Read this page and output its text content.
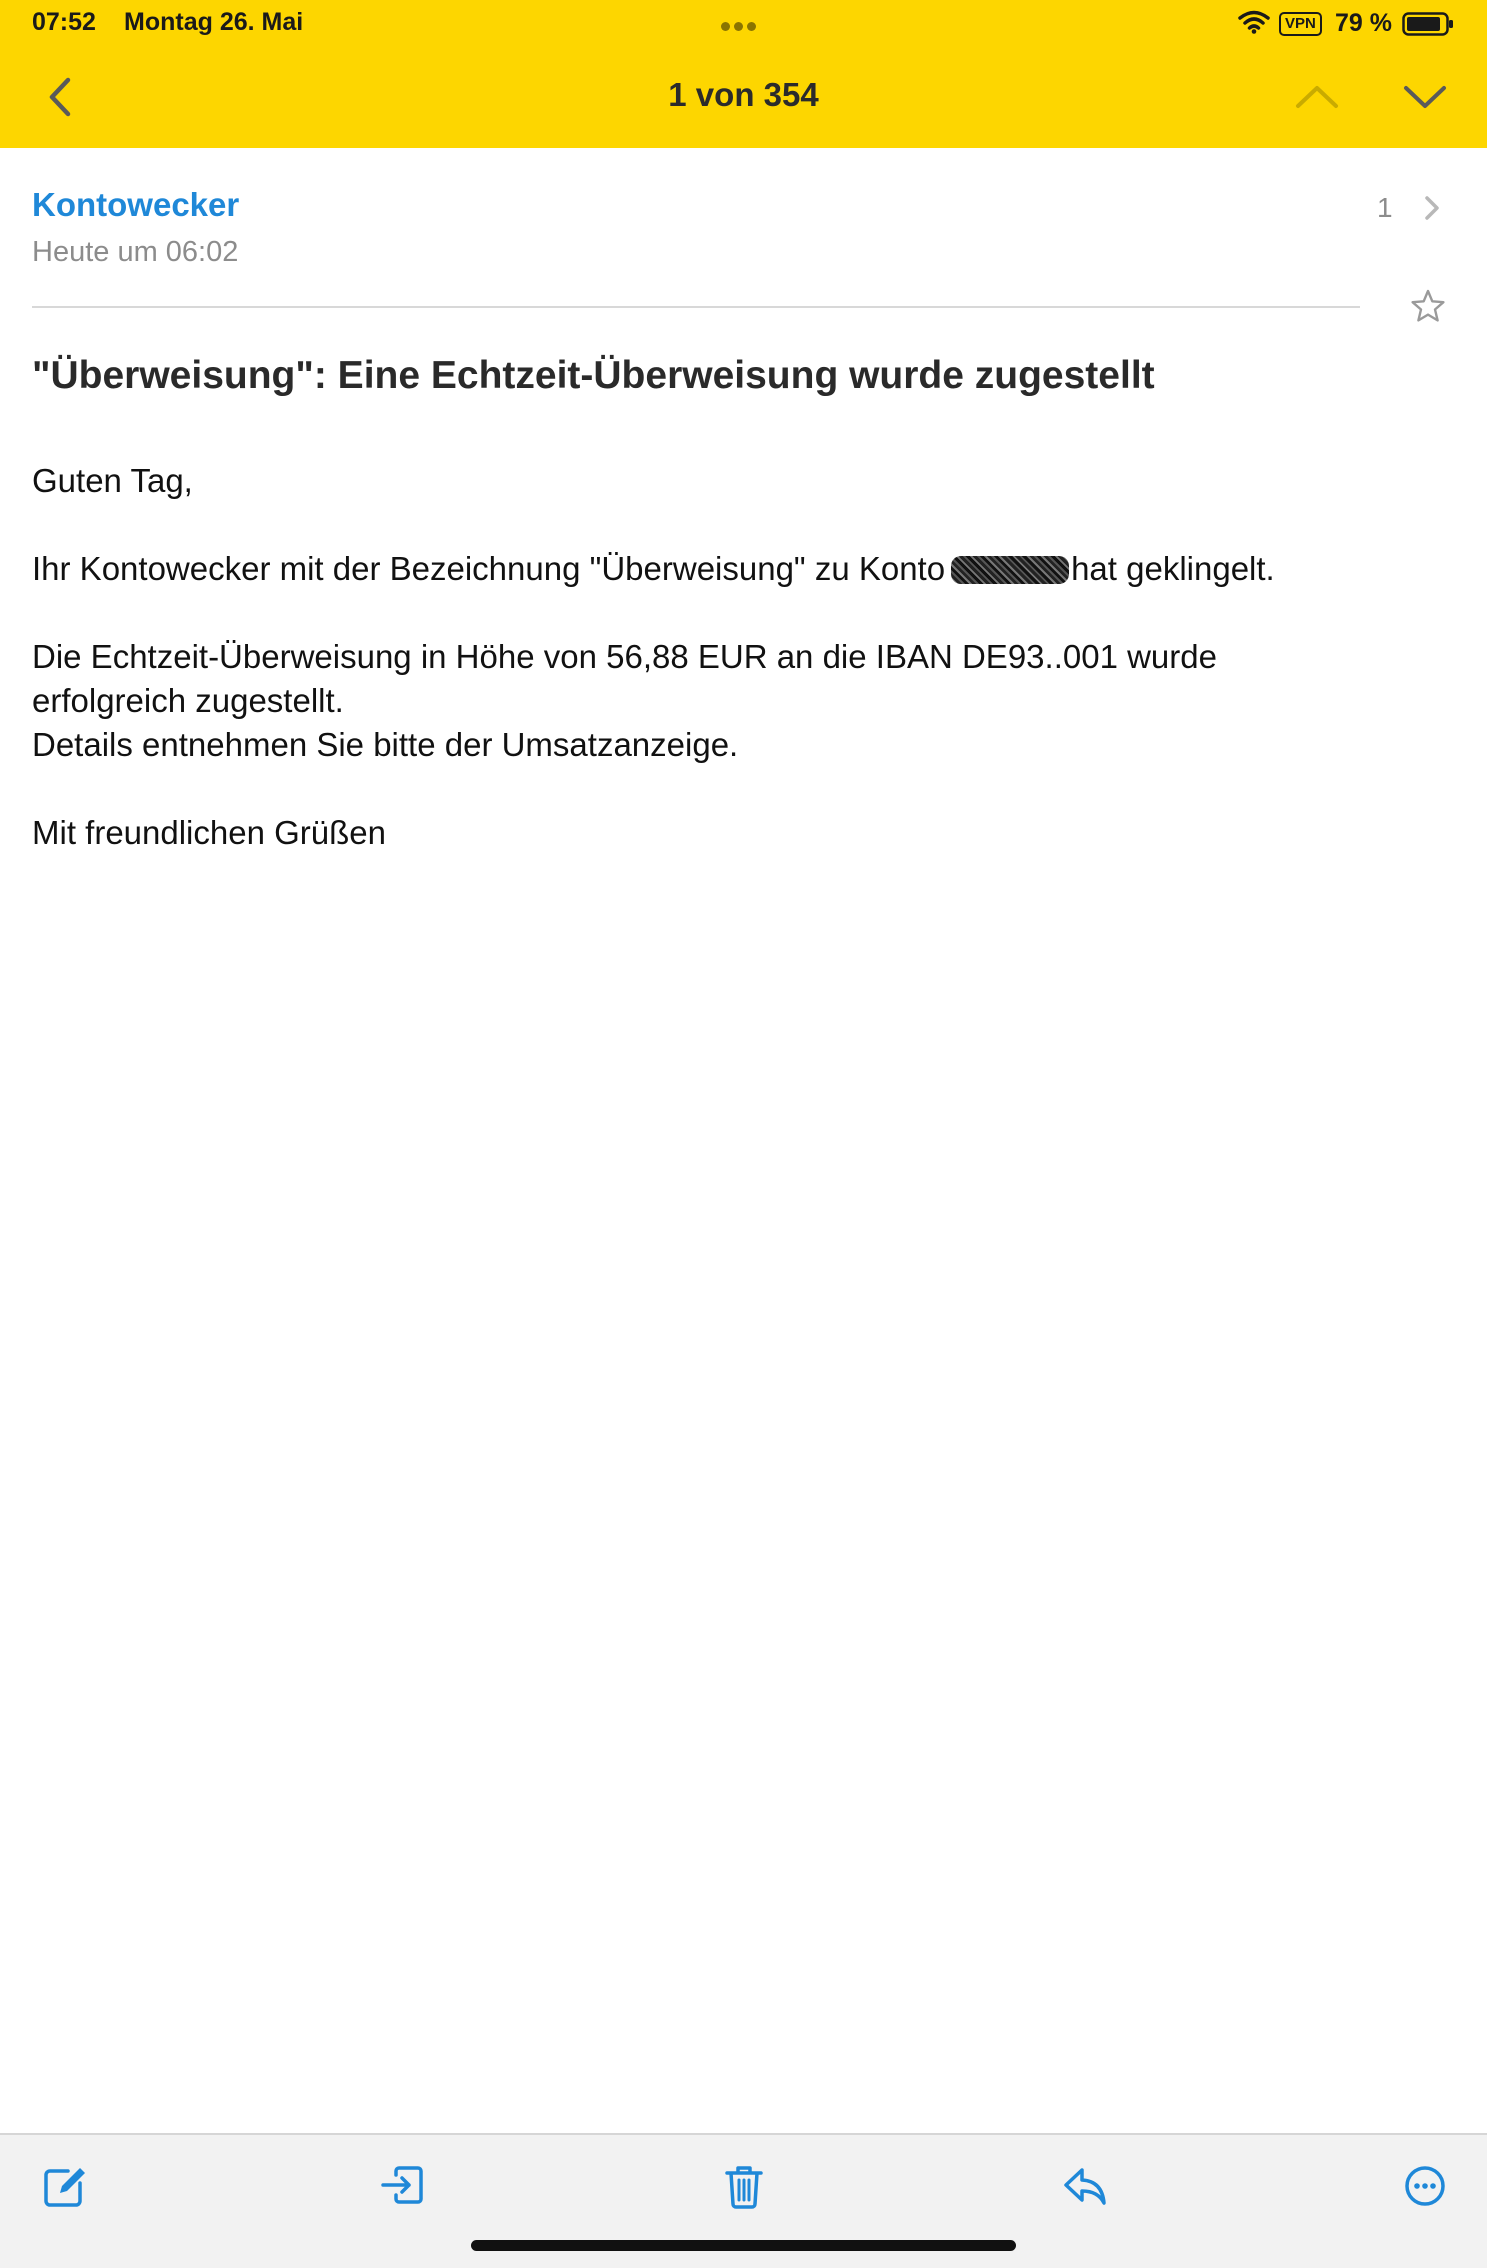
07:52 Montag 26. Mai	VPN 79 %
1 von 354
Kontowecker
Heute um 06:02
1
"Überweisung": Eine Echtzeit-Überweisung wurde zugestellt
Guten Tag,
Ihr Kontowecker mit der Bezeichnung "Überweisung" zu Konto	hat geklingelt.
Die Echtzeit-Überweisung in Höhe von 56,88 EUR an die IBAN DE93..001 wurde
erfolgreich zugestellt.
Details entnehmen Sie bitte der Umsatzanzeige.
Mit freundlichen Grüßen
